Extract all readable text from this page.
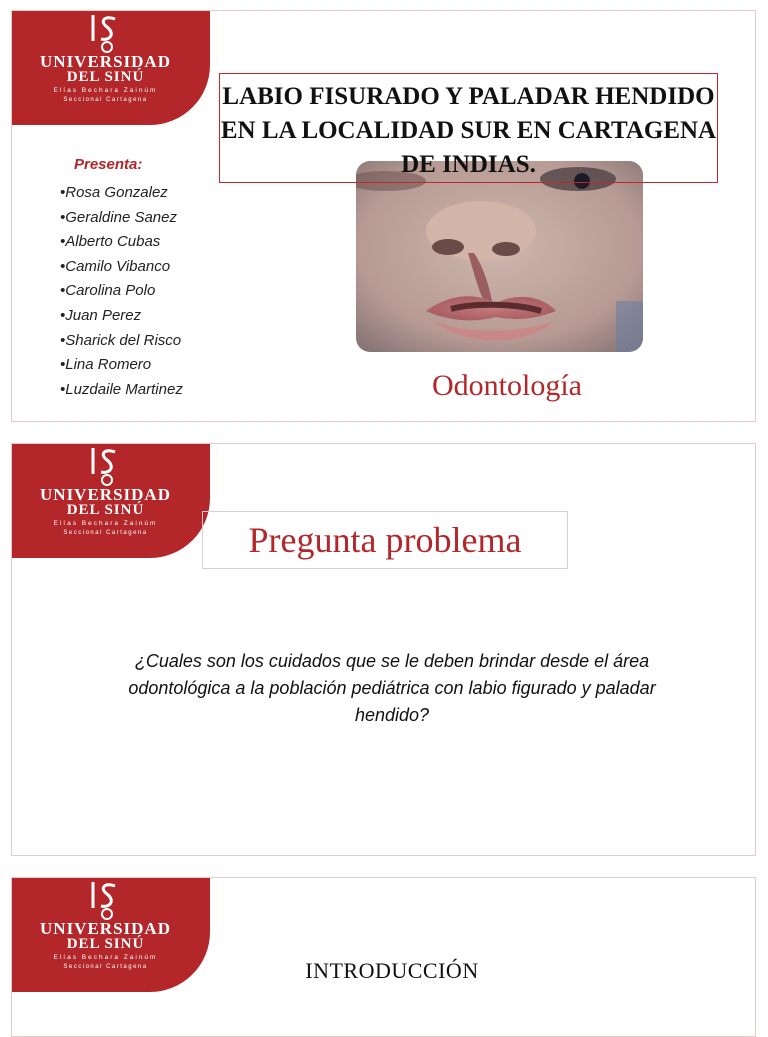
UNIVERSIDAD
DEL SINÚ
Elías Bechara Zainúm
Seccional Cartagena	LABIO FISURADO Y PALADAR HENDIDO EN LA LOCALIDAD SUR EN CARTAGENA DE INDIAS.
Presenta:
•Rosa Gonzalez
•Geraldine Sanez
•Alberto Cubas
•Camilo Vibanco
•Carolina Polo
•Juan Perez
•Sharick del Risco
•Lina Romero
•Luzdaile Martinez	Odontología
UNIVERSIDAD
DEL SINÚ
Elías Bechara Zainúm
Seccional Cartagena	Pregunta problema
¿Cuales son los cuidados que se le deben brindar desde el área odontológica a la población pediátrica con labio figurado y paladar hendido?
UNIVERSIDAD
DEL SINÚ
Elías Bechara Zainúm
Seccional Cartagena	INTRODUCCIÓN
